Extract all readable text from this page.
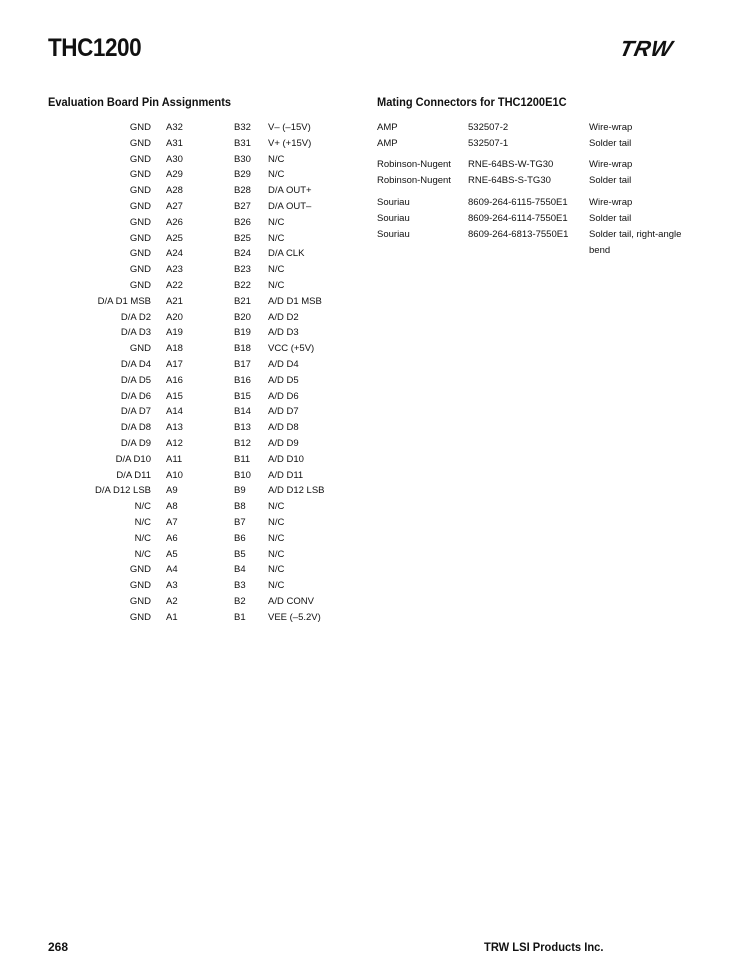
THC1200	TRW
Evaluation Board Pin Assignments	Mating Connectors for THC1200E1C
GND A32	B32 V– (–15V)
GND A31	B31 V+ (+15V)
GND A30	B30 N/C
GND A29	B29 N/C
GND A28	B28 D/A OUT+
GND A27	B27 D/A OUT–
GND A26	B26 N/C
GND A25	B25 N/C
GND A24	B24 D/A CLK
GND A23	B23 N/C
GND A22	B22 N/C
D/A D1 MSB A21	B21 A/D D1 MSB
D/A D2 A20	B20 A/D D2
D/A D3 A19	B19 A/D D3
GND A18	B18 VCC (+5V)
D/A D4 A17	B17 A/D D4
D/A D5 A16	B16 A/D D5
D/A D6 A15	B15 A/D D6
D/A D7 A14	B14 A/D D7
D/A D8 A13	B13 A/D D8
D/A D9 A12	B12 A/D D9
D/A D10 A11	B11 A/D D10
D/A D11 A10	B10 A/D D11
D/A D12 LSB A9	B9 A/D D12 LSB
N/C A8	B8 N/C
N/C A7	B7 N/C
N/C A6	B6 N/C
N/C A5	B5 N/C
GND A4	B4 N/C
GND A3	B3 N/C
GND A2	B2 A/D CONV
GND A1	B1 VEE (–5.2V)
AMP	532507-2	Wire-wrap
AMP	532507-1	Solder tail
Robinson-Nugent RNE-64BS-W-TG30	Wire-wrap
Robinson-Nugent RNE-64BS-S-TG30	Solder tail
Souriau	8609-264-6115-7550E1 Wire-wrap
Souriau	8609-264-6114-7550E1 Solder tail
Souriau	8609-264-6813-7550E1 Solder tail, right-angle
bend
268	TRW LSI Products Inc.
